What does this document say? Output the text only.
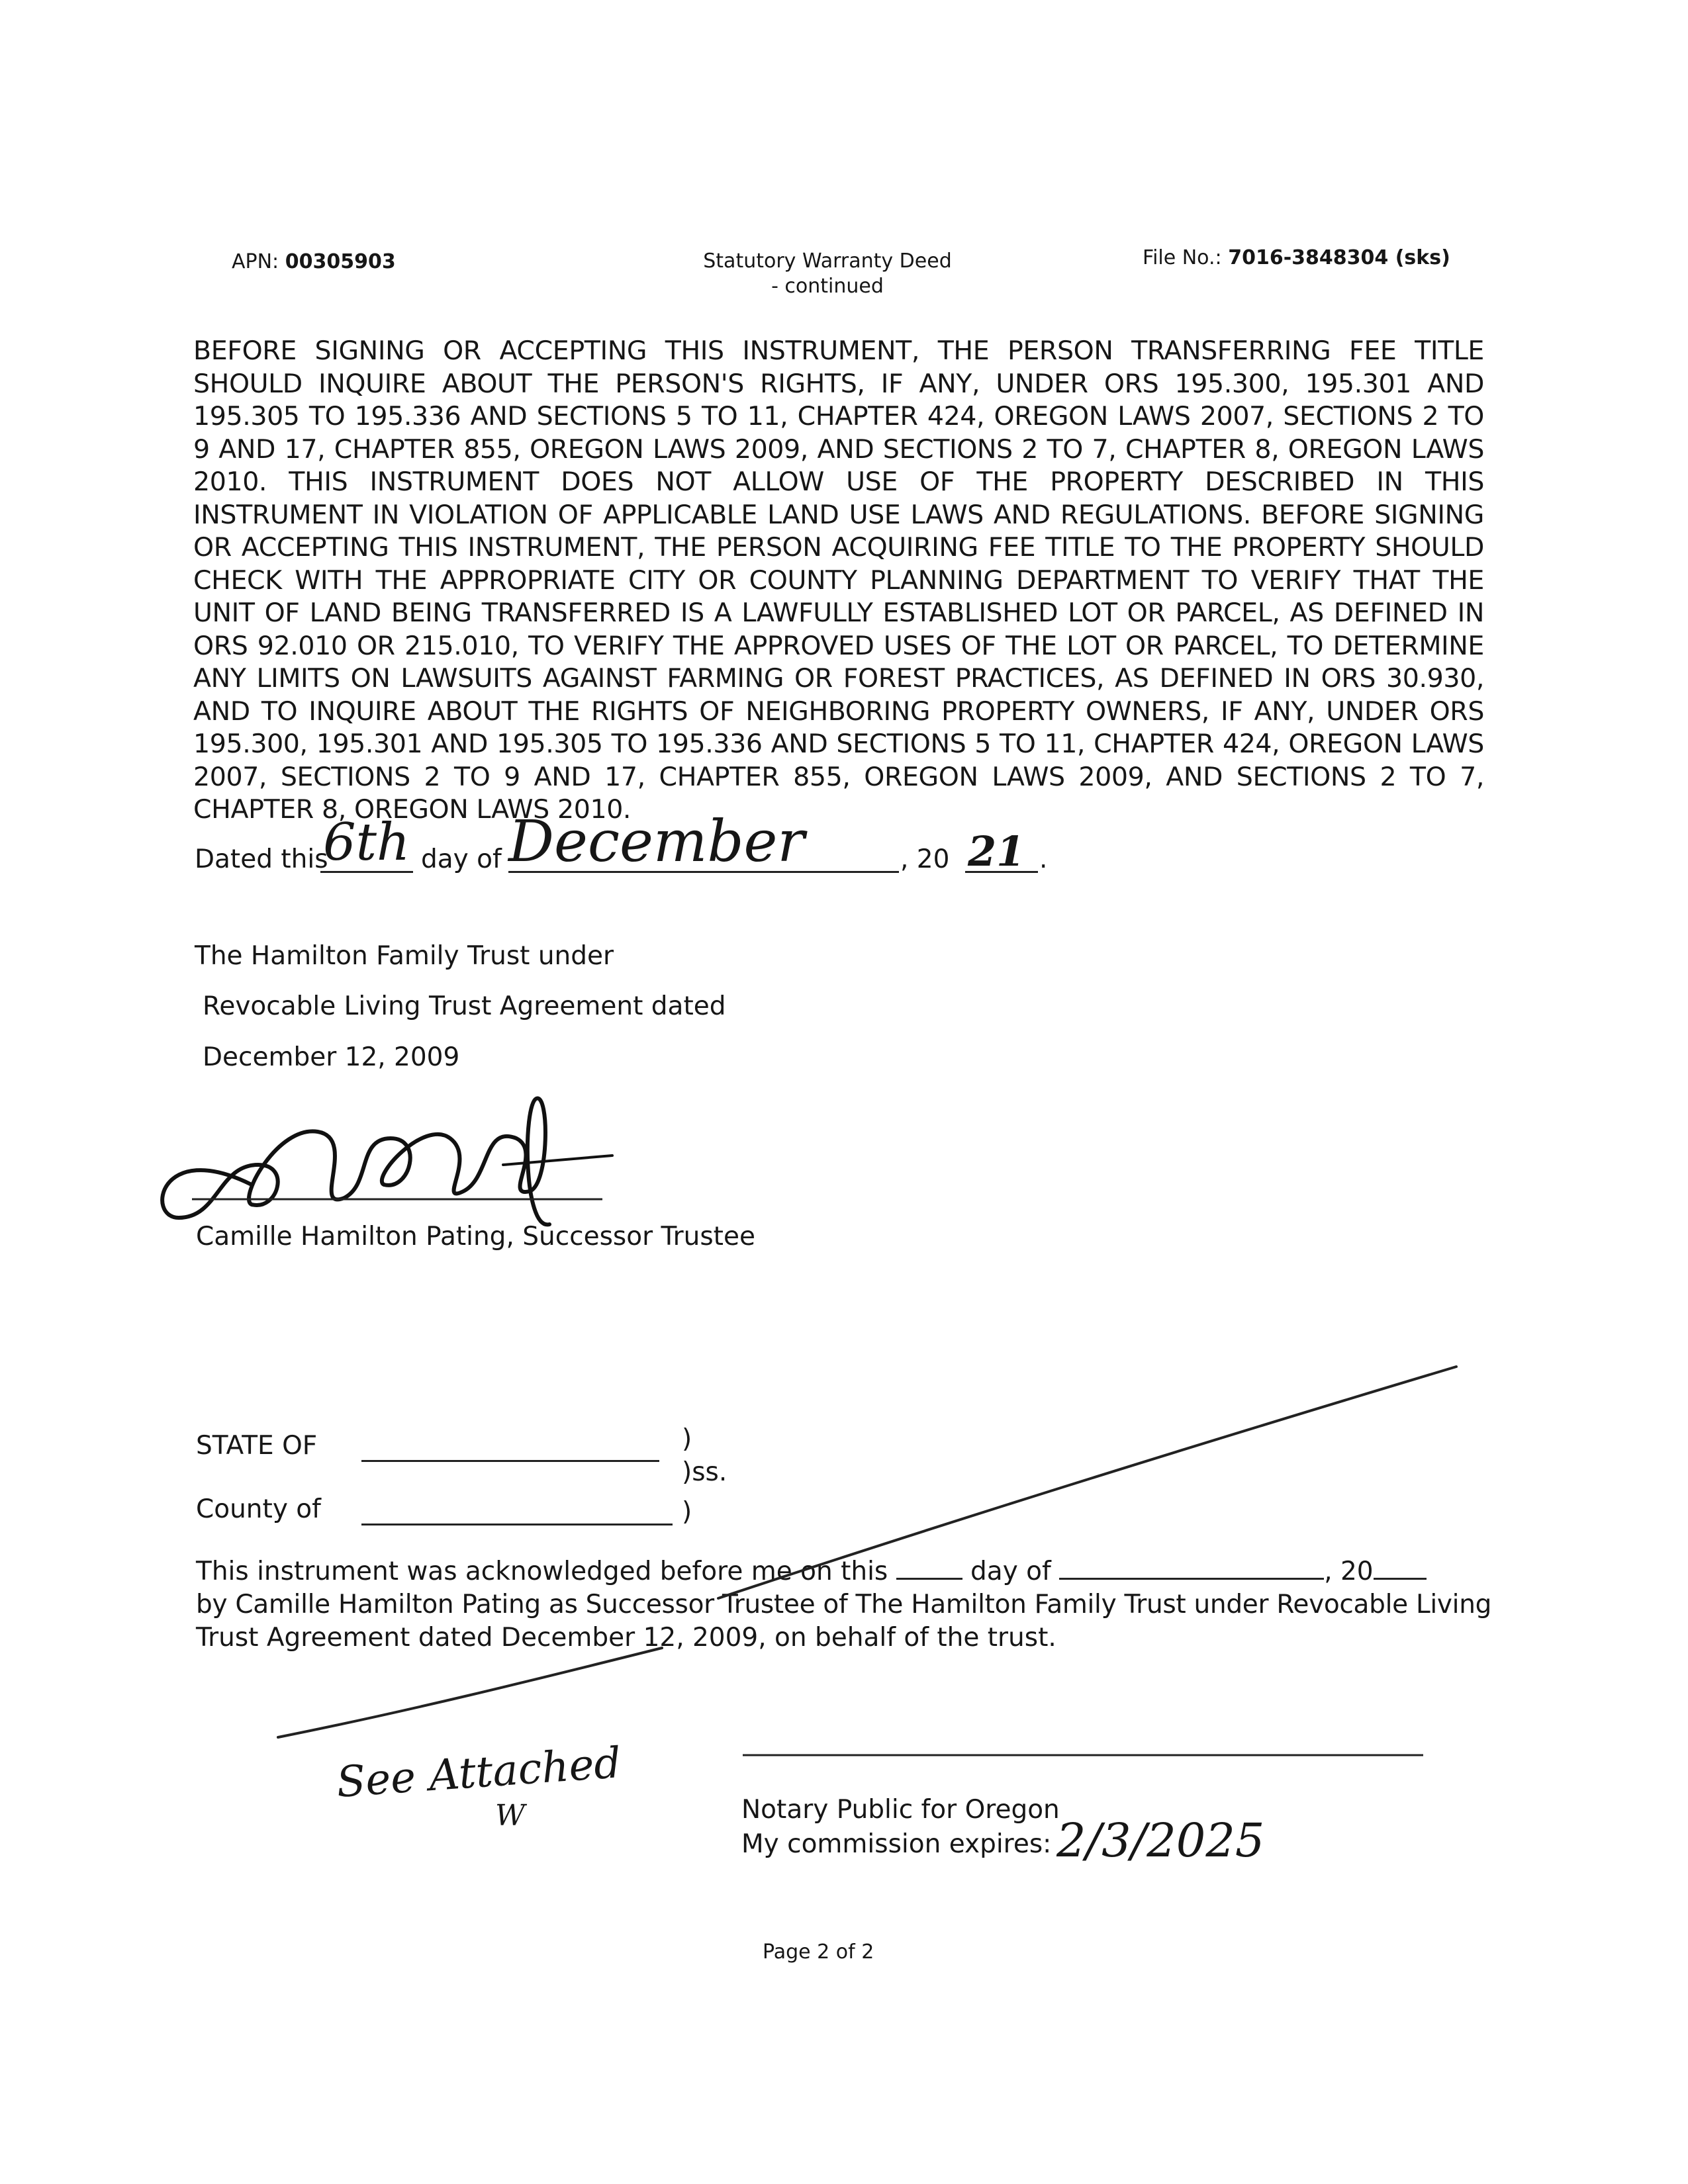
APN: 00305903	Statutory Warranty Deed
- continued
File No.: 7016-3848304 (sks)

BEFORE SIGNING OR ACCEPTING THIS INSTRUMENT, THE PERSON TRANSFERRING FEE TITLE SHOULD INQUIRE ABOUT THE PERSON'S RIGHTS, IF ANY, UNDER ORS 195.300, 195.301 AND 195.305 TO 195.336 AND SECTIONS 5 TO 11, CHAPTER 424, OREGON LAWS 2007, SECTIONS 2 TO 9 AND 17, CHAPTER 855, OREGON LAWS 2009, AND SECTIONS 2 TO 7, CHAPTER 8, OREGON LAWS 2010. THIS INSTRUMENT DOES NOT ALLOW USE OF THE PROPERTY DESCRIBED IN THIS INSTRUMENT IN VIOLATION OF APPLICABLE LAND USE LAWS AND REGULATIONS. BEFORE SIGNING OR ACCEPTING THIS INSTRUMENT, THE PERSON ACQUIRING FEE TITLE TO THE PROPERTY SHOULD CHECK WITH THE APPROPRIATE CITY OR COUNTY PLANNING DEPARTMENT TO VERIFY THAT THE UNIT OF LAND BEING TRANSFERRED IS A LAWFULLY ESTABLISHED LOT OR PARCEL, AS DEFINED IN ORS 92.010 OR 215.010, TO VERIFY THE APPROVED USES OF THE LOT OR PARCEL, TO DETERMINE ANY LIMITS ON LAWSUITS AGAINST FARMING OR FOREST PRACTICES, AS DEFINED IN ORS 30.930, AND TO INQUIRE ABOUT THE RIGHTS OF NEIGHBORING PROPERTY OWNERS, IF ANY, UNDER ORS 195.300, 195.301 AND 195.305 TO 195.336 AND SECTIONS 5 TO 11, CHAPTER 424, OREGON LAWS 2007, SECTIONS 2 TO 9 AND 17, CHAPTER 855, OREGON LAWS 2009, AND SECTIONS 2 TO 7, CHAPTER 8, OREGON LAWS 2010.

Dated this
6th day of December	, 20 21 .
The Hamilton Family Trust under
Revocable Living Trust Agreement dated
December 12, 2009
Camille Hamilton Pating, Successor Trustee
STATE OF	)
)ss.
County of	)
This instrument was acknowledged before me on this	day of	, 20
by Camille Hamilton Pating as Successor Trustee of The Hamilton Family Trust under Revocable Living
Trust Agreement dated December 12, 2009, on behalf of the trust.
See Attached
W	Notary Public for Oregon
My commission expires: 2/3/2025
Page 2 of 2
